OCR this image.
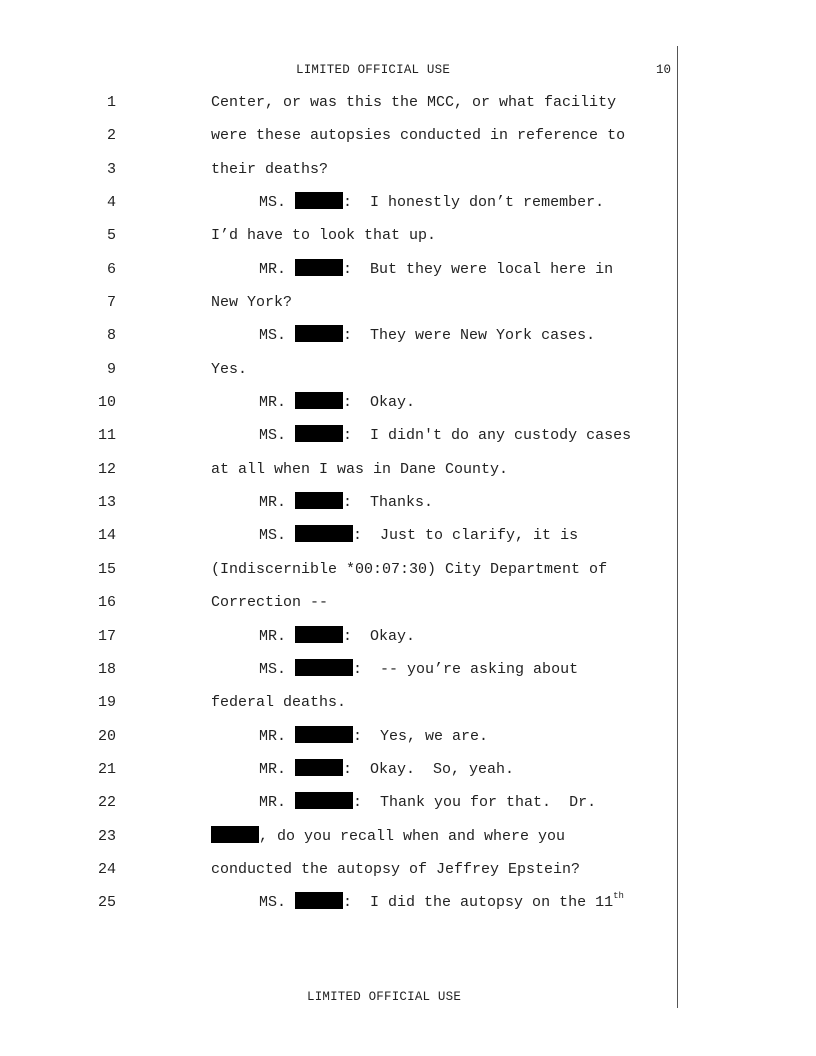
LIMITED OFFICIAL USE	10
1	Center, or was this the MCC, or what facility
2	were these autopsies conducted in reference to
3	their deaths?
4	MS.	:  I honestly don’t remember.
5	I’d have to look that up.
6	MR.	:  But they were local here in
7	New York?
8	MS.	:  They were New York cases.
9	Yes.
10	MR.	:  Okay.
11	MS.	:  I didn't do any custody cases
12	at all when I was in Dane County.
13	MR.	:  Thanks.
14	MS.	:  Just to clarify, it is
15	(Indiscernible *00:07:30) City Department of
16	Correction --
17	MR.	:  Okay.
18	MS.	:  -- you’re asking about
19	federal deaths.
20	MR.	:  Yes, we are.
21	MR.	:  Okay.  So, yeah.
22	MR.	:  Thank you for that.  Dr.
23	, do you recall when and where you
24	conducted the autopsy of Jeffrey Epstein?
25	MS.	:  I did the autopsy on the 11th
LIMITED OFFICIAL USE
